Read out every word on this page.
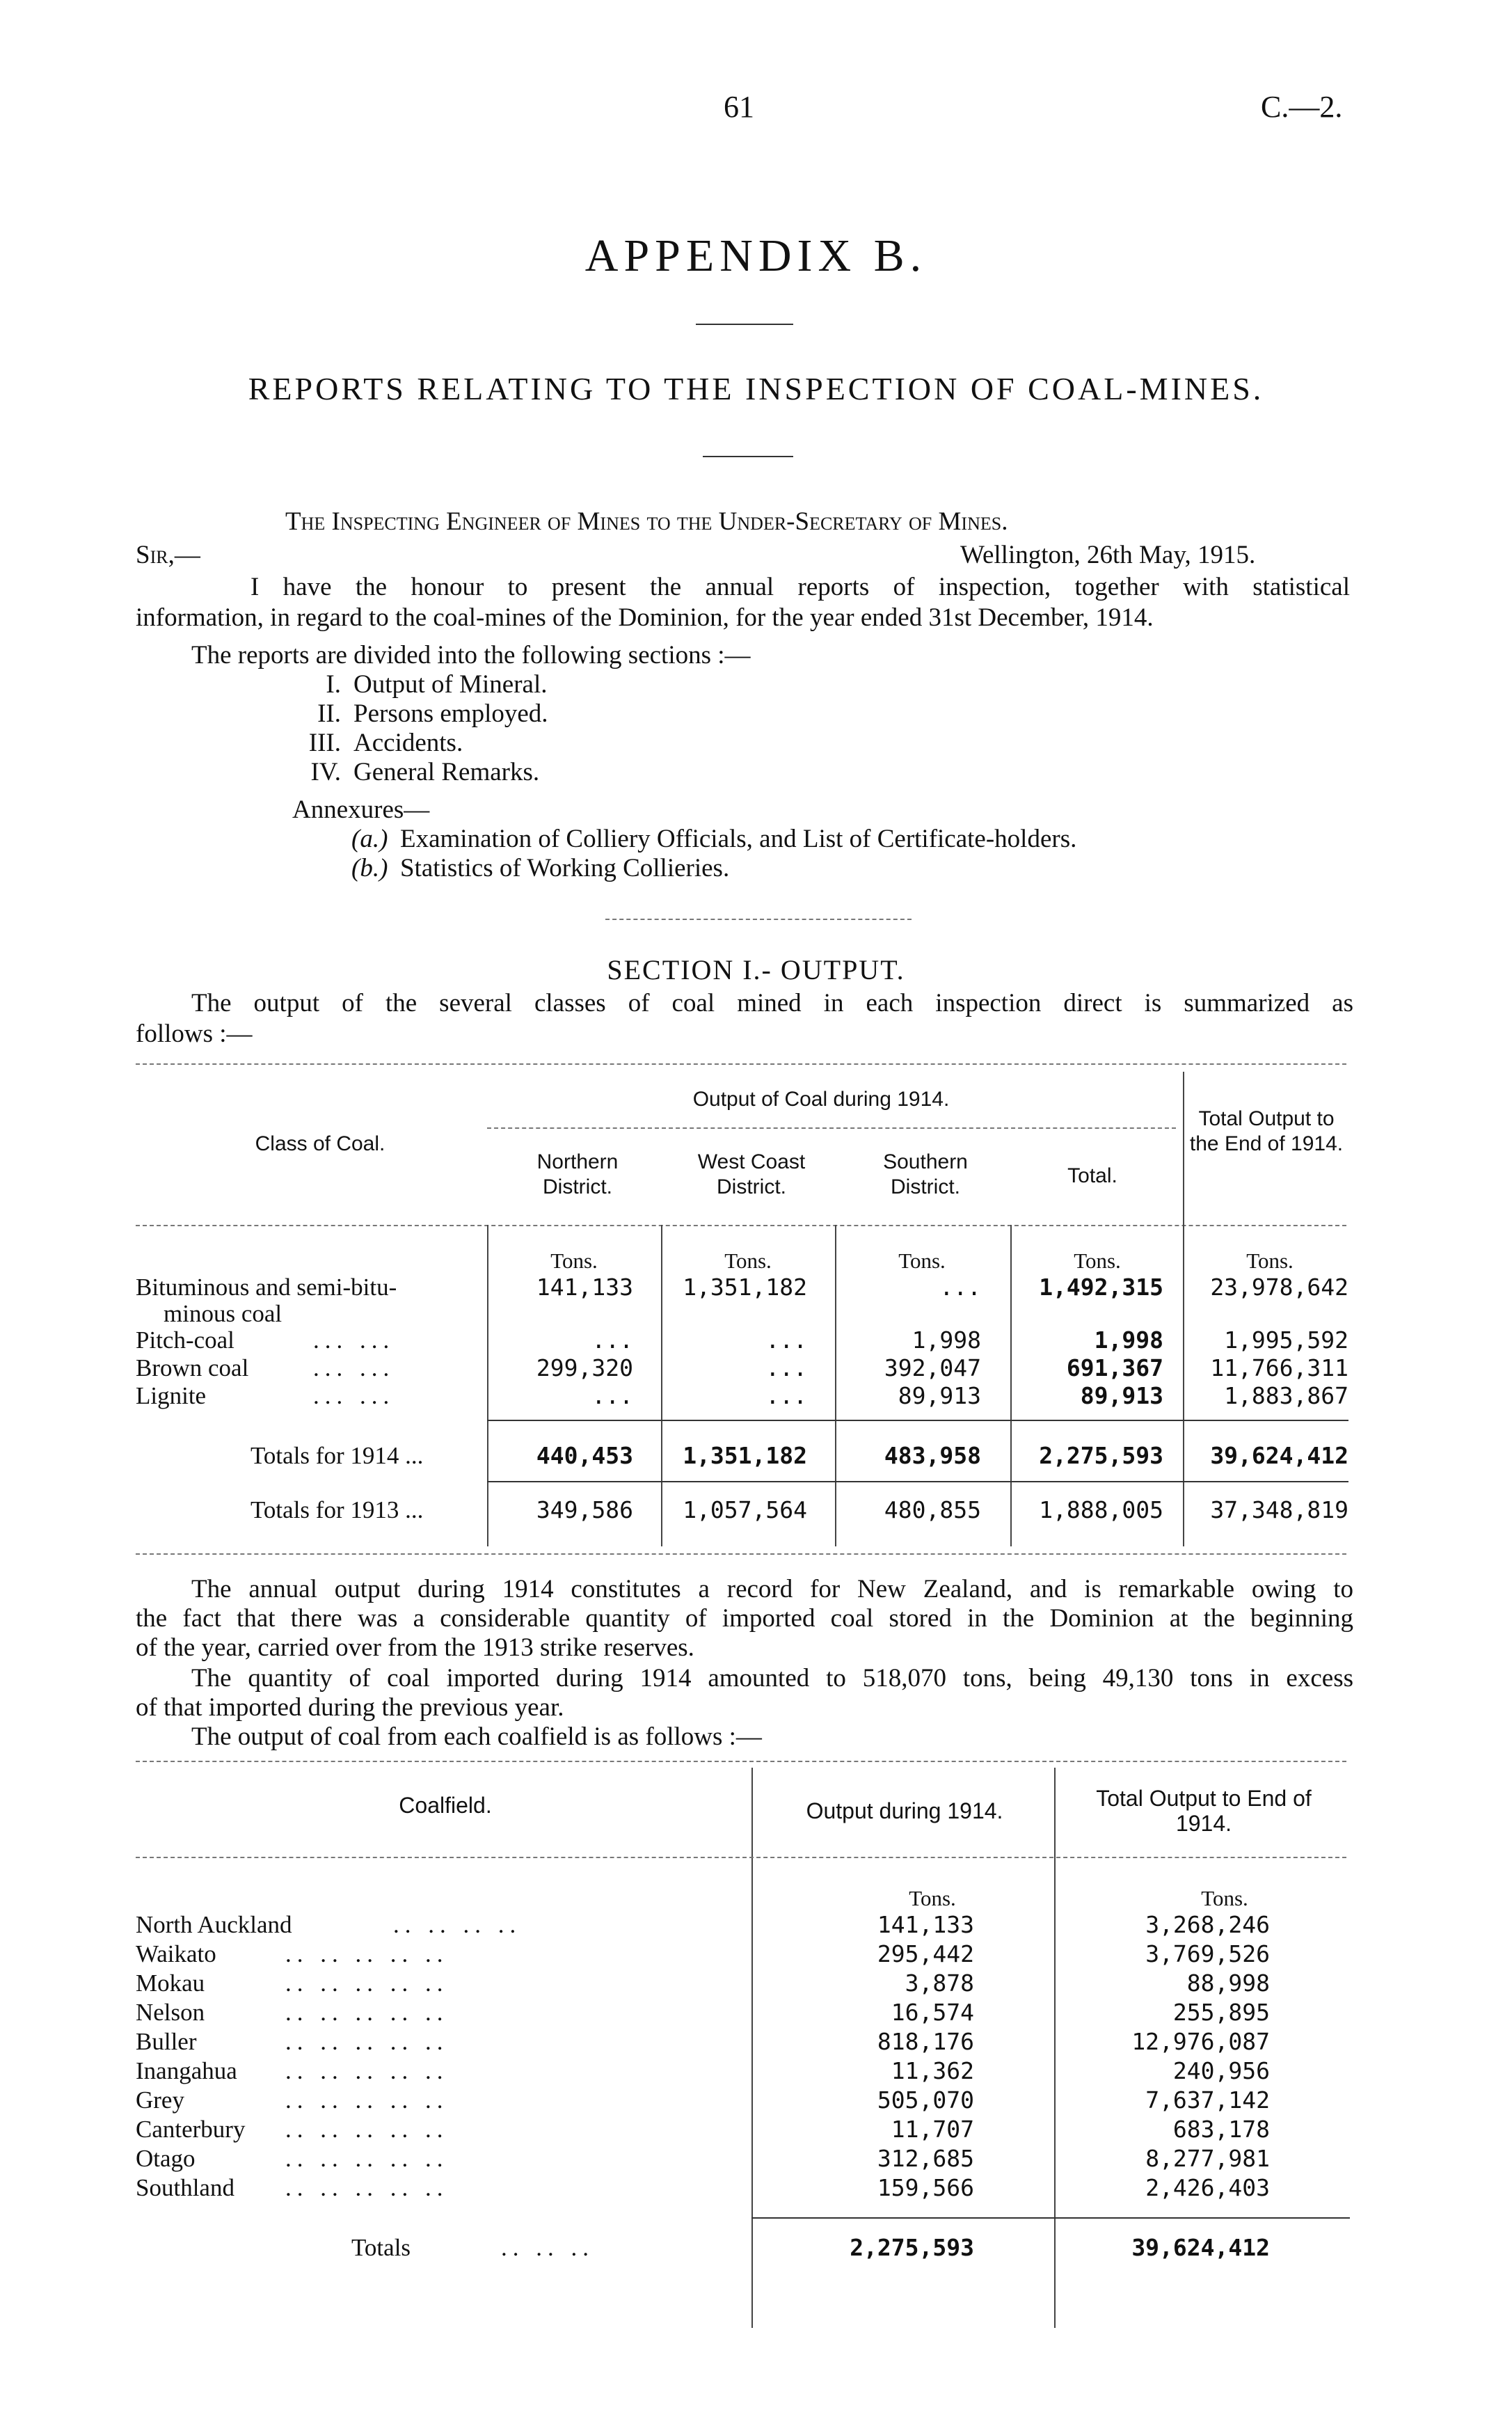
61	C.—2.
APPENDIX B.
REPORTS RELATING TO THE INSPECTION OF COAL-MINES.
The Inspecting Engineer of Mines to the Under-Secretary of Mines.
Sir,—	Wellington, 26th May, 1915.
I have the honour to present the annual reports of inspection, together with statistical
information, in regard to the coal-mines of the Dominion, for the year ended 31st December, 1914.
The reports are divided into the following sections :—
I. Output of Mineral.
II. Persons employed.
III. Accidents.
IV. General Remarks.
Annexures—
(a.) Examination of Colliery Officials, and List of Certificate-holders.
(b.) Statistics of Working Collieries.
SECTION I.- OUTPUT.
The output of the several classes of coal mined in each inspection direct is summarized as
follows :—
Output of Coal during 1914.
Class of Coal.
Northern District.
West Coast District.
Southern District.	Total.
Total Output to the End of 1914.
Tons.	Tons.	Tons.	Tons.	Tons.
Bituminous and semi-bitu-
minous coal
141,133	1,351,182	...	1,492,315	23,978,642
Pitch-coal	... ...	...	...	1,998	1,998	1,995,592
Brown coal	... ...	299,320	...	392,047	691,367	11,766,311
Lignite	... ...	...	...	89,913	89,913	1,883,867
Totals for 1914 ...	440,453	1,351,182	483,958	2,275,593	39,624,412
Totals for 1913 ...	349,586	1,057,564	480,855	1,888,005	37,348,819
The annual output during 1914 constitutes a record for New Zealand, and is remarkable owing to
the fact that there was a considerable quantity of imported coal stored in the Dominion at the beginning
of the year, carried over from the 1913 strike reserves.
The quantity of coal imported during 1914 amounted to 518,070 tons, being 49,130 tons in excess
of that imported during the previous year.
The output of coal from each coalfield is as follows :—
Coalfield.	Output during 1914.	Total Output to End of 1914.
Tons.	Tons.
North Auckland	.. .. .. ..	141,133	3,268,246
Waikato	.. .. .. .. ..	295,442	3,769,526
Mokau	.. .. .. .. ..	3,878	88,998
Nelson	.. .. .. .. ..	16,574	255,895
Buller	.. .. .. .. ..	818,176	12,976,087
Inangahua .. .. .. .. ..	11,362	240,956
Grey	.. .. .. .. ..	505,070	7,637,142
Canterbury .. .. .. .. ..	11,707	683,178
Otago	.. .. .. .. ..	312,685	8,277,981
Southland .. .. .. .. ..	159,566	2,426,403
Totals	.. .. ..	2,275,593	39,624,412
